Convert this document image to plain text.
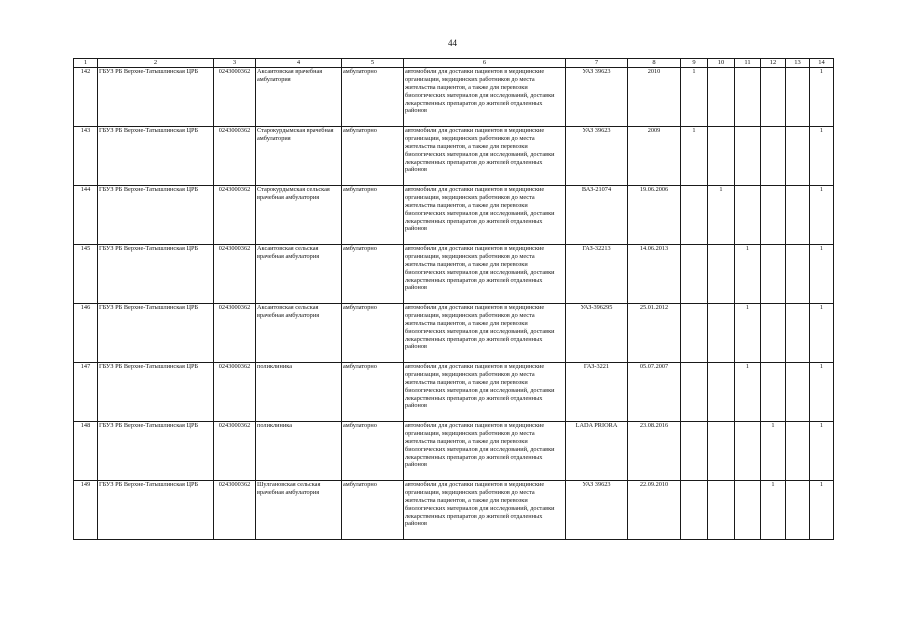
44
1	2	3	4	5	6	7	8	9	10	11	12	13	14
142	ГБУЗ РБ Верхне-Татышлинская ЦРБ	0243000362	Аксаитовская врачебная амбулатория	амбулаторно	автомобили для доставки пациентов в медицинские организации, медицинских работников до места жительства пациентов, а также для перевозки биологических материалов для исследований, доставки лекарственных препаратов до жителей отдаленных районов	УАЗ 39623	2010	1					1
143	ГБУЗ РБ Верхне-Татышлинская ЦРБ	0243000362	Старокурдымская врачебная амбулатория	амбулаторно	автомобили для доставки пациентов в медицинские организации, медицинских работников до места жительства пациентов, а также для перевозки биологических материалов для исследований, доставки лекарственных препаратов до жителей отдаленных районов	УАЗ 39623	2009	1					1
144	ГБУЗ РБ Верхне-Татышлинская ЦРБ	0243000362	Старокурдымская сельская врачебная амбулатория	амбулаторно	автомобили для доставки пациентов в медицинские организации, медицинских работников до места жительства пациентов, а также для перевозки биологических материалов для исследований, доставки лекарственных препаратов до жителей отдаленных районов	ВАЗ-21074	19.06.2006		1				1
145	ГБУЗ РБ Верхне-Татышлинская ЦРБ	0243000362	Аксаитовская сельская врачебная амбулатория	амбулаторно	автомобили для доставки пациентов в медицинские организации, медицинских работников до места жительства пациентов, а также для перевозки биологических материалов для исследований, доставки лекарственных препаратов до жителей отдаленных районов	ГАЗ-32213	14.06.2013			1			1
146	ГБУЗ РБ Верхне-Татышлинская ЦРБ	0243000362	Аксаитовская сельская врачебная амбулатория	амбулаторно	автомобили для доставки пациентов в медицинские организации, медицинских работников до места жительства пациентов, а также для перевозки биологических материалов для исследований, доставки лекарственных препаратов до жителей отдаленных районов	УАЗ-396295	25.01.2012			1			1
147	ГБУЗ РБ Верхне-Татышлинская ЦРБ	0243000362	поликлиника	амбулаторно	автомобили для доставки пациентов в медицинские организации, медицинских работников до места жительства пациентов, а также для перевозки биологических материалов для исследований, доставки лекарственных препаратов до жителей отдаленных районов	ГАЗ-3221	05.07.2007			1			1
148	ГБУЗ РБ Верхне-Татышлинская ЦРБ	0243000362	поликлиника	амбулаторно	автомобили для доставки пациентов в медицинские организации, медицинских работников до места жительства пациентов, а также для перевозки биологических материалов для исследований, доставки лекарственных препаратов до жителей отдаленных районов	LADA PRIORA	23.08.2016				1		1
149	ГБУЗ РБ Верхне-Татышлинская ЦРБ	0243000362	Шулгановская сельская врачебная амбулатория	амбулаторно	автомобили для доставки пациентов в медицинские организации, медицинских работников до места жительства пациентов, а также для перевозки биологических материалов для исследований, доставки лекарственных препаратов до жителей отдаленных районов	УАЗ 39623	22.09.2010				1		1
